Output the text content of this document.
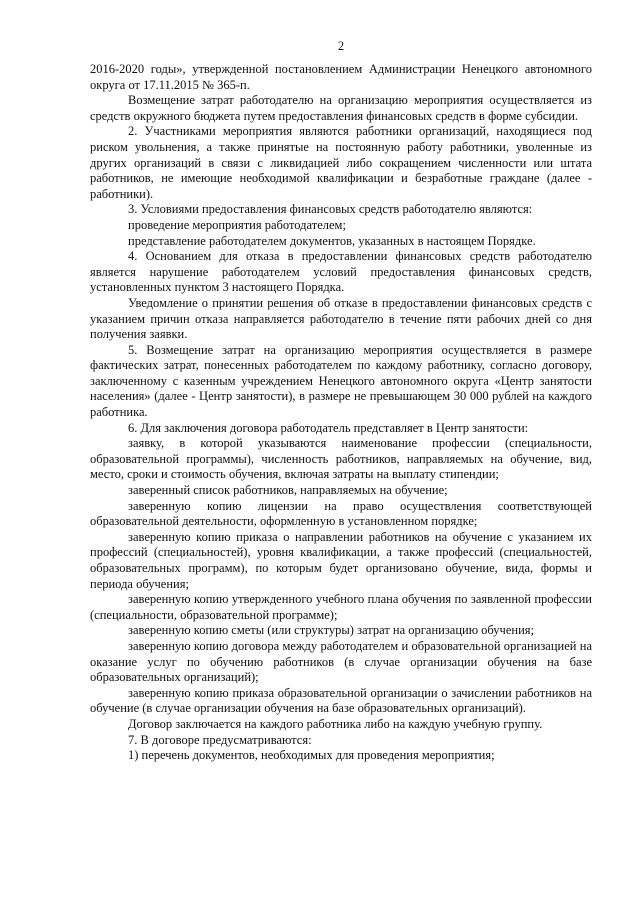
2

2016-2020 годы», утвержденной постановлением Администрации Ненецкого автономного округа от 17.11.2015 № 365-п.

Возмещение затрат работодателю на организацию мероприятия осуществляется из средств окружного бюджета путем предоставления финансовых средств в форме субсидии.

2. Участниками мероприятия являются работники организаций, находящиеся под риском увольнения, а также принятые на постоянную работу работники, уволенные из других организаций в связи с ликвидацией либо сокращением численности или штата работников, не имеющие необходимой квалификации и безработные граждане (далее - работники).

3. Условиями предоставления финансовых средств работодателю являются:

проведение мероприятия работодателем;

представление работодателем документов, указанных в настоящем Порядке.

4. Основанием для отказа в предоставлении финансовых средств работодателю является нарушение работодателем условий предоставления финансовых средств, установленных пунктом 3 настоящего Порядка.

Уведомление о принятии решения об отказе в предоставлении финансовых средств с указанием причин отказа направляется работодателю в течение пяти рабочих дней со дня получения заявки.

5. Возмещение затрат на организацию мероприятия осуществляется в размере фактических затрат, понесенных работодателем по каждому работнику, согласно договору, заключенному с казенным учреждением Ненецкого автономного округа «Центр занятости населения» (далее - Центр занятости), в размере не превышающем 30 000 рублей на каждого работника.

6. Для заключения договора работодатель представляет в Центр занятости:

заявку, в которой указываются наименование профессии (специальности, образовательной программы), численность работников, направляемых на обучение, вид, место, сроки и стоимость обучения, включая затраты на выплату стипендии;

заверенный список работников, направляемых на обучение;

заверенную копию лицензии на право осуществления соответствующей образовательной деятельности, оформленную в установленном порядке;

заверенную копию приказа о направлении работников на обучение с указанием их профессий (специальностей), уровня квалификации, а также профессий (специальностей, образовательных программ), по которым будет организовано обучение, вида, формы и периода обучения;

заверенную копию утвержденного учебного плана обучения по заявленной профессии (специальности, образовательной программе);

заверенную копию сметы (или структуры) затрат на организацию обучения;

заверенную копию договора между работодателем и образовательной организацией на оказание услуг по обучению работников (в случае организации обучения на базе образовательных организаций);

заверенную копию приказа образовательной организации о зачислении работников на обучение (в случае организации обучения на базе образовательных организаций).

Договор заключается на каждого работника либо на каждую учебную группу.

7. В договоре предусматриваются:

1) перечень документов, необходимых для проведения мероприятия;
